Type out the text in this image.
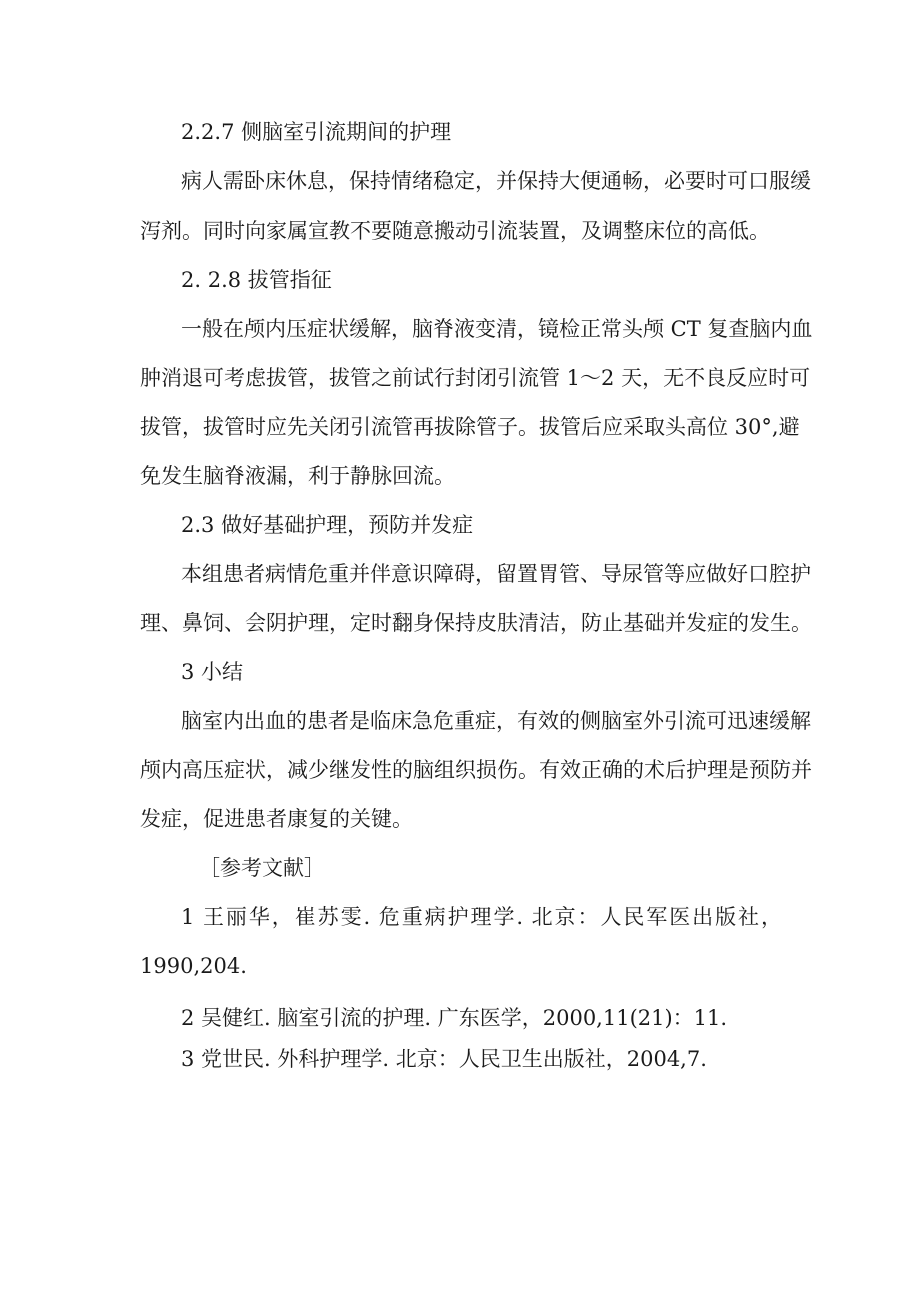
2.2.7 侧脑室引流期间的护理

病人需卧床休息，保持情绪稳定，并保持大便通畅，必要时可口服缓

泻剂。同时向家属宣教不要随意搬动引流装置，及调整床位的高低。

2. 2.8 拔管指征

一般在颅内压症状缓解，脑脊液变清，镜检正常头颅 CT 复查脑内血

肿消退可考虑拔管，拔管之前试行封闭引流管 1～2 天，无不良反应时可

拔管，拔管时应先关闭引流管再拔除管子。拔管后应采取头高位 30°,避

免发生脑脊液漏，利于静脉回流。

2.3 做好基础护理，预防并发症

本组患者病情危重并伴意识障碍，留置胃管、导尿管等应做好口腔护

理、鼻饲、会阴护理，定时翻身保持皮肤清洁，防止基础并发症的发生。

3 小结

脑室内出血的患者是临床急危重症，有效的侧脑室外引流可迅速缓解

颅内高压症状，减少继发性的脑组织损伤。有效正确的术后护理是预防并

发症，促进患者康复的关键。

［参考文献］

1 王丽华，崔苏雯. 危重病护理学. 北京：人民军医出版社，

1990,204.

2 吴健红. 脑室引流的护理. 广东医学，2000,11(21)：11.

3 党世民. 外科护理学. 北京：人民卫生出版社，2004,7.
